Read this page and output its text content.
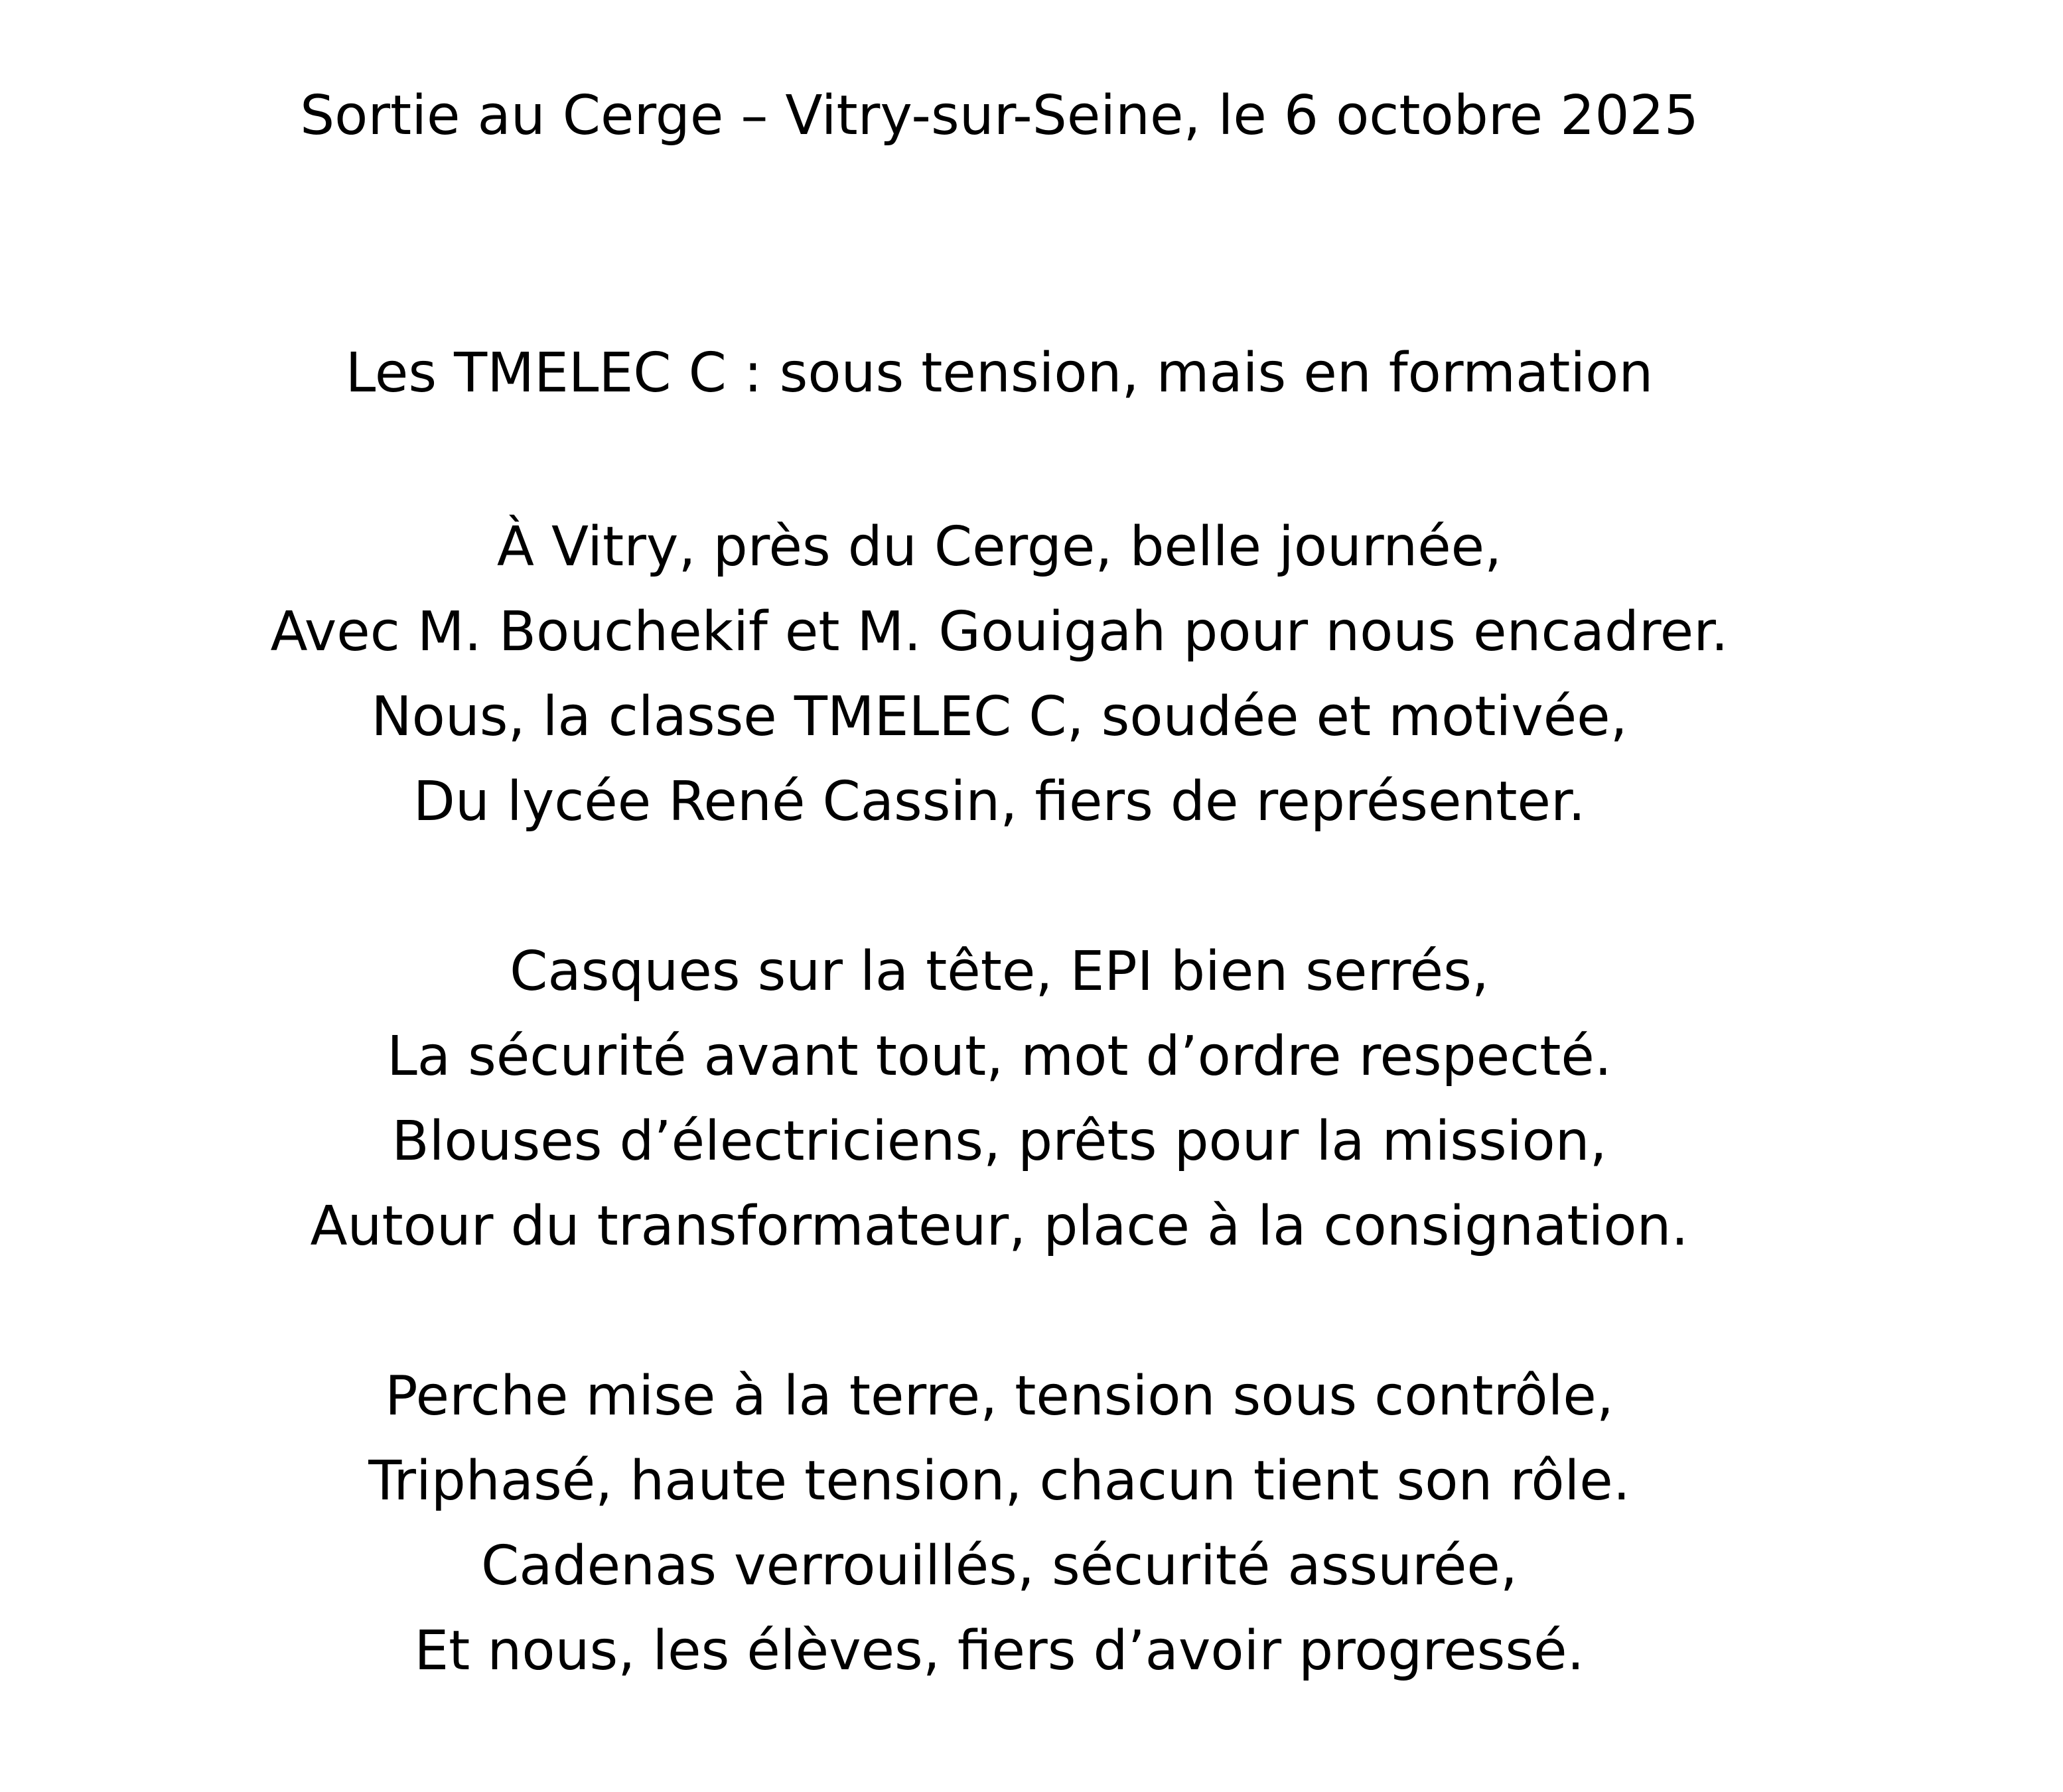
Sortie au Cerge – Vitry-sur-Seine, le 6 octobre 2025
Les TMELEC C : sous tension, mais en formation
À Vitry, près du Cerge, belle journée,
Avec M. Bouchekif et M. Gouigah pour nous encadrer.
Nous, la classe TMELEC C, soudée et motivée,
Du lycée René Cassin, fiers de représenter.
Casques sur la tête, EPI bien serrés,
La sécurité avant tout, mot d’ordre respecté.
Blouses d’électriciens, prêts pour la mission,
Autour du transformateur, place à la consignation.
Perche mise à la terre, tension sous contrôle,
Triphasé, haute tension, chacun tient son rôle.
Cadenas verrouillés, sécurité assurée,
Et nous, les élèves, fiers d’avoir progressé.
